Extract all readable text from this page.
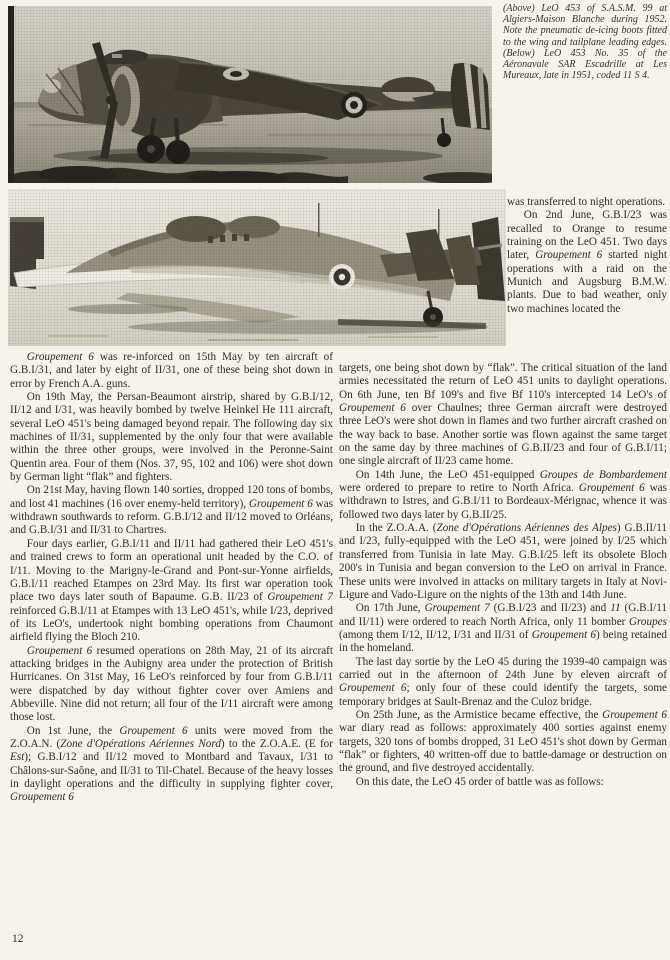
(Above) LeO 453 of S.A.S.M. 99 at Algiers-Maison Blanche during 1952. Note the pneumatic de-icing boots fitted to the wing and tailplane leading edges. (Below) LeO 453 No. 35 of the Aéronavale SAR Escadrille at Les Mureaux, late in 1951, coded 11 S 4.

was transferred to night operations.

On 2nd June, G.B.I/23 was recalled to Orange to resume training on the LeO 451. Two days later, Groupement 6 started night operations with a raid on the Munich and Augsburg B.M.W. plants. Due to bad weather, only two machines located the

Groupement 6 was re-inforced on 15th May by ten aircraft of G.B.I/31, and later by eight of II/31, one of these being shot down in error by French A.A. guns.

On 19th May, the Persan-Beaumont airstrip, shared by G.B.I/12, II/12 and I/31, was heavily bombed by twelve Heinkel He 111 aircraft, several LeO 451's being damaged beyond repair. The following day six machines of II/31, supplemented by the only four that were available within the three other groups, were involved in the Peronne-Saint Quentin area. Four of them (Nos. 37, 95, 102 and 106) were shot down by German light “flak” and fighters.

On 21st May, having flown 140 sorties, dropped 120 tons of bombs, and lost 41 machines (16 over enemy-held territory), Groupement 6 was withdrawn southwards to reform. G.B.I/12 and II/12 moved to Orléans, and G.B.I/31 and II/31 to Chartres.

Four days earlier, G.B.I/11 and II/11 had gathered their LeO 451's and trained crews to form an operational unit headed by the C.O. of I/11. Moving to the Marigny-le-Grand and Pont-sur-Yonne airfields, G.B.I/11 reached Etampes on 23rd May. Its first war operation took place two days later south of Bapaume. G.B. II/23 of Groupement 7 reinforced G.B.I/11 at Etampes with 13 LeO 451's, while I/23, deprived of its LeO's, undertook night bombing operations from Chaumont airfield flying the Bloch 210.

Groupement 6 resumed operations on 28th May, 21 of its aircraft attacking bridges in the Aubigny area under the protection of British Hurricanes. On 31st May, 16 LeO's reinforced by four from G.B.I/11 were dispatched by day without fighter cover over Amiens and Abbeville. Nine did not return; all four of the I/11 aircraft were among those lost.

On 1st June, the Groupement 6 units were moved from the Z.O.A.N. (Zone d'Opérations Aériennes Nord) to the Z.O.A.E. (E for Est); G.B.I/12 and II/12 moved to Montbard and Tavaux, I/31 to Châlons-sur-Saône, and II/31 to Til-Chatel. Because of the heavy losses in daylight operations and the difficulty in supplying fighter cover, Groupement 6

targets, one being shot down by “flak”. The critical situation of the land armies necessitated the return of LeO 451 units to daylight operations. On 6th June, ten Bf 109's and five Bf 110's intercepted 14 LeO's of Groupement 6 over Chaulnes; three German aircraft were destroyed three LeO's were shot down in flames and two further aircraft crashed on the way back to base. Another sortie was flown against the same target on the same day by three machines of G.B.II/23 and four of G.B.I/11; one single aircraft of II/23 came home.

On 14th June, the LeO 451-equipped Groupes de Bombardement were ordered to prepare to retire to North Africa. Groupement 6 was withdrawn to Istres, and G.B.I/11 to Bordeaux-Mérignac, whence it was followed two days later by G.B.II/25.

In the Z.O.A.A. (Zone d'Opérations Aériennes des Alpes) G.B.II/11 and I/23, fully-equipped with the LeO 451, were joined by I/25 which transferred from Tunisia in late May. G.B.I/25 left its obsolete Bloch 200's in Tunisia and began conversion to the LeO on arrival in France. These units were involved in attacks on military targets in Italy at Novi-Ligure and Vado-Ligure on the nights of the 13th and 14th June.

On 17th June, Groupement 7 (G.B.I/23 and II/23) and 11 (G.B.I/11 and II/11) were ordered to reach North Africa, only 11 bomber Groupes (among them I/12, II/12, I/31 and II/31 of Groupement 6) being retained in the homeland.

The last day sortie by the LeO 45 during the 1939-40 campaign was carried out in the afternoon of 24th June by eleven aircraft of Groupement 6; only four of these could identify the targets, some temporary bridges at Sault-Brenaz and the Culoz bridge.

On 25th June, as the Armistice became effective, the Groupement 6 war diary read as follows: approximately 400 sorties against enemy targets, 320 tons of bombs dropped, 31 LeO 451's shot down by German “flak” or fighters, 40 written-off due to battle-damage or destruction on the ground, and five destroyed accidentally.

On this date, the LeO 45 order of battle was as follows:

12
